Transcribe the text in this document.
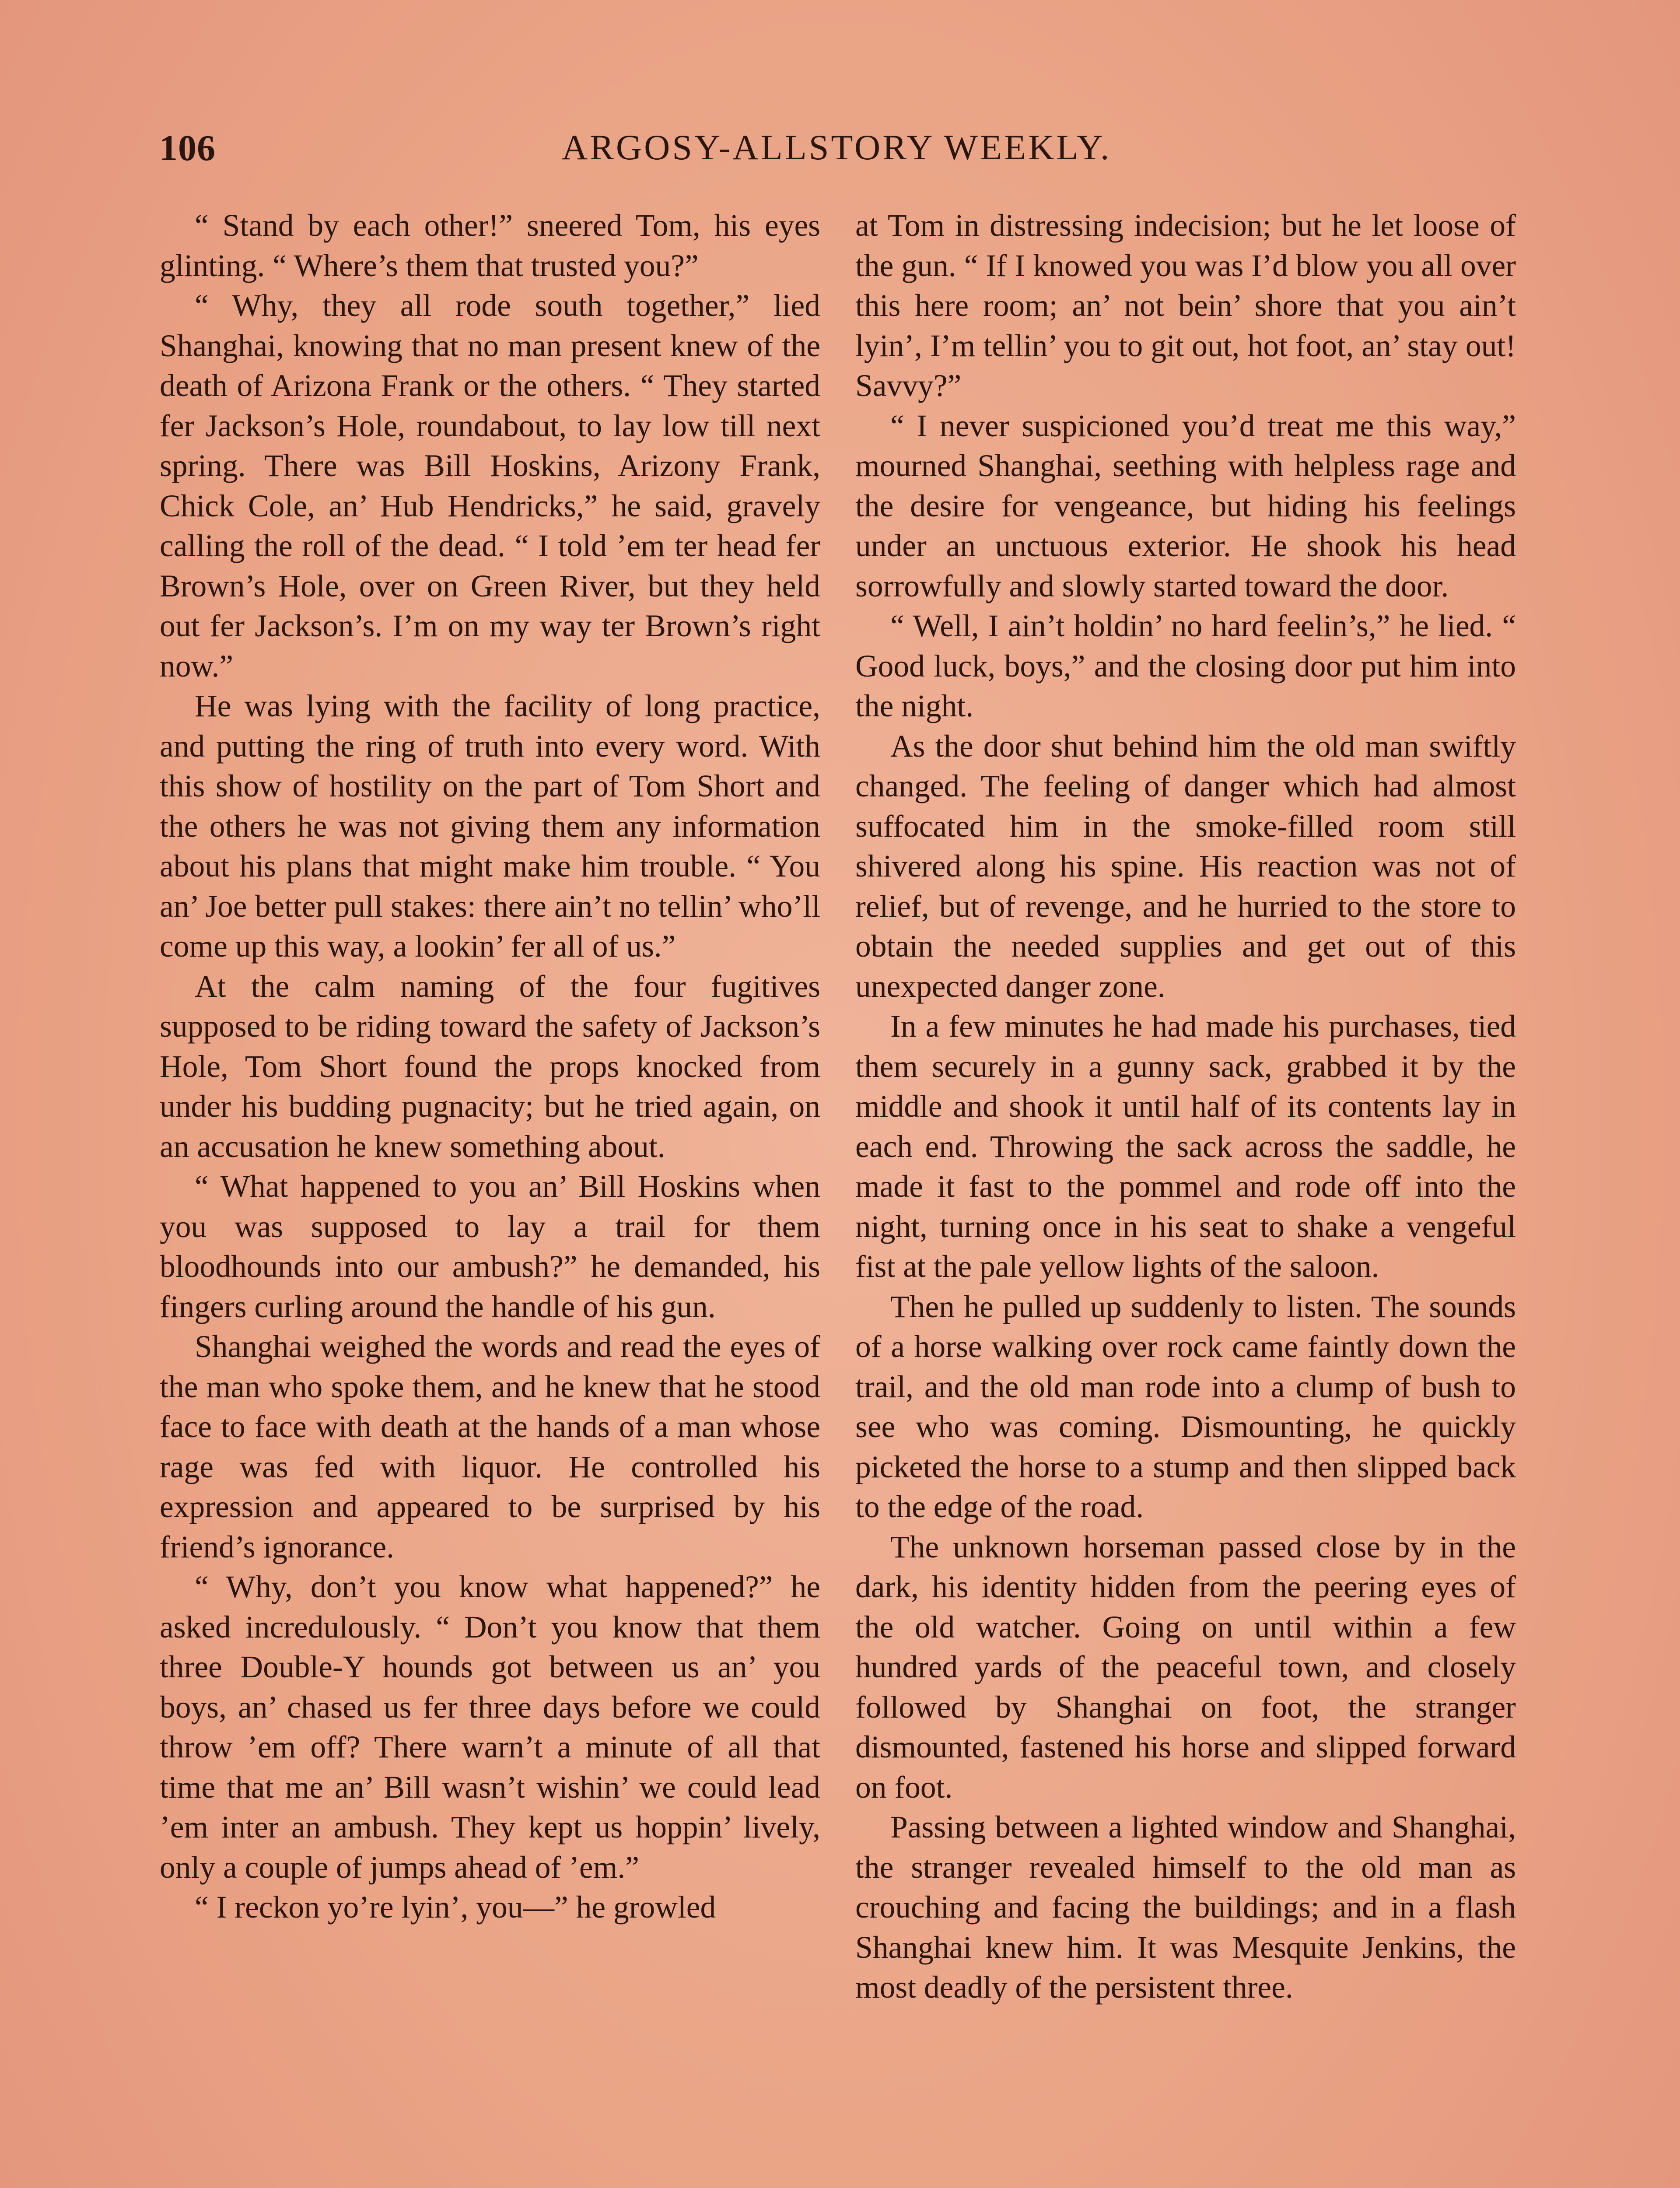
106	ARGOSY-ALLSTORY WEEKLY.

“ Stand by each other!” sneered Tom, his eyes glinting. “ Where’s them that trusted you?”

“ Why, they all rode south together,” lied Shanghai, knowing that no man present knew of the death of Arizona Frank or the others. “ They started fer Jackson’s Hole, roundabout, to lay low till next spring. There was Bill Hoskins, Arizony Frank, Chick Cole, an’ Hub Hendricks,” he said, gravely calling the roll of the dead. “ I told ’em ter head fer Brown’s Hole, over on Green River, but they held out fer Jackson’s. I’m on my way ter Brown’s right now.”

He was lying with the facility of long practice, and putting the ring of truth into every word. With this show of hostility on the part of Tom Short and the others he was not giving them any information about his plans that might make him trouble. “ You an’ Joe better pull stakes: there ain’t no tellin’ who’ll come up this way, a lookin’ fer all of us.”

At the calm naming of the four fugitives supposed to be riding toward the safety of Jackson’s Hole, Tom Short found the props knocked from under his budding pugnacity; but he tried again, on an accusation he knew something about.

“ What happened to you an’ Bill Hoskins when you was supposed to lay a trail for them bloodhounds into our ambush?” he demanded, his fingers curling around the handle of his gun.

Shanghai weighed the words and read the eyes of the man who spoke them, and he knew that he stood face to face with death at the hands of a man whose rage was fed with liquor. He controlled his expression and appeared to be surprised by his friend’s ignorance.

“ Why, don’t you know what happened?” he asked incredulously. “ Don’t you know that them three Double-Y hounds got between us an’ you boys, an’ chased us fer three days before we could throw ’em off? There warn’t a minute of all that time that me an’ Bill wasn’t wishin’ we could lead ’em inter an ambush. They kept us hoppin’ lively, only a couple of jumps ahead of ’em.”

“ I reckon yo’re lyin’, you—” he growled

at Tom in distressing indecision; but he let loose of the gun. “ If I knowed you was I’d blow you all over this here room; an’ not bein’ shore that you ain’t lyin’, I’m tellin’ you to git out, hot foot, an’ stay out! Savvy?”

“ I never suspicioned you’d treat me this way,” mourned Shanghai, seething with helpless rage and the desire for vengeance, but hiding his feelings under an unctuous exterior. He shook his head sorrowfully and slowly started toward the door.

“ Well, I ain’t holdin’ no hard feelin’s,” he lied. “ Good luck, boys,” and the closing door put him into the night.

As the door shut behind him the old man swiftly changed. The feeling of danger which had almost suffocated him in the smoke-filled room still shivered along his spine. His reaction was not of relief, but of revenge, and he hurried to the store to obtain the needed supplies and get out of this unexpected danger zone.

In a few minutes he had made his purchases, tied them securely in a gunny sack, grabbed it by the middle and shook it until half of its contents lay in each end. Throwing the sack across the saddle, he made it fast to the pommel and rode off into the night, turning once in his seat to shake a vengeful fist at the pale yellow lights of the saloon.

Then he pulled up suddenly to listen. The sounds of a horse walking over rock came faintly down the trail, and the old man rode into a clump of bush to see who was coming. Dismounting, he quickly picketed the horse to a stump and then slipped back to the edge of the road.

The unknown horseman passed close by in the dark, his identity hidden from the peering eyes of the old watcher. Going on until within a few hundred yards of the peaceful town, and closely followed by Shanghai on foot, the stranger dismounted, fastened his horse and slipped forward on foot.

Passing between a lighted window and Shanghai, the stranger revealed himself to the old man as crouching and facing the buildings; and in a flash Shanghai knew him. It was Mesquite Jenkins, the most deadly of the persistent three.
